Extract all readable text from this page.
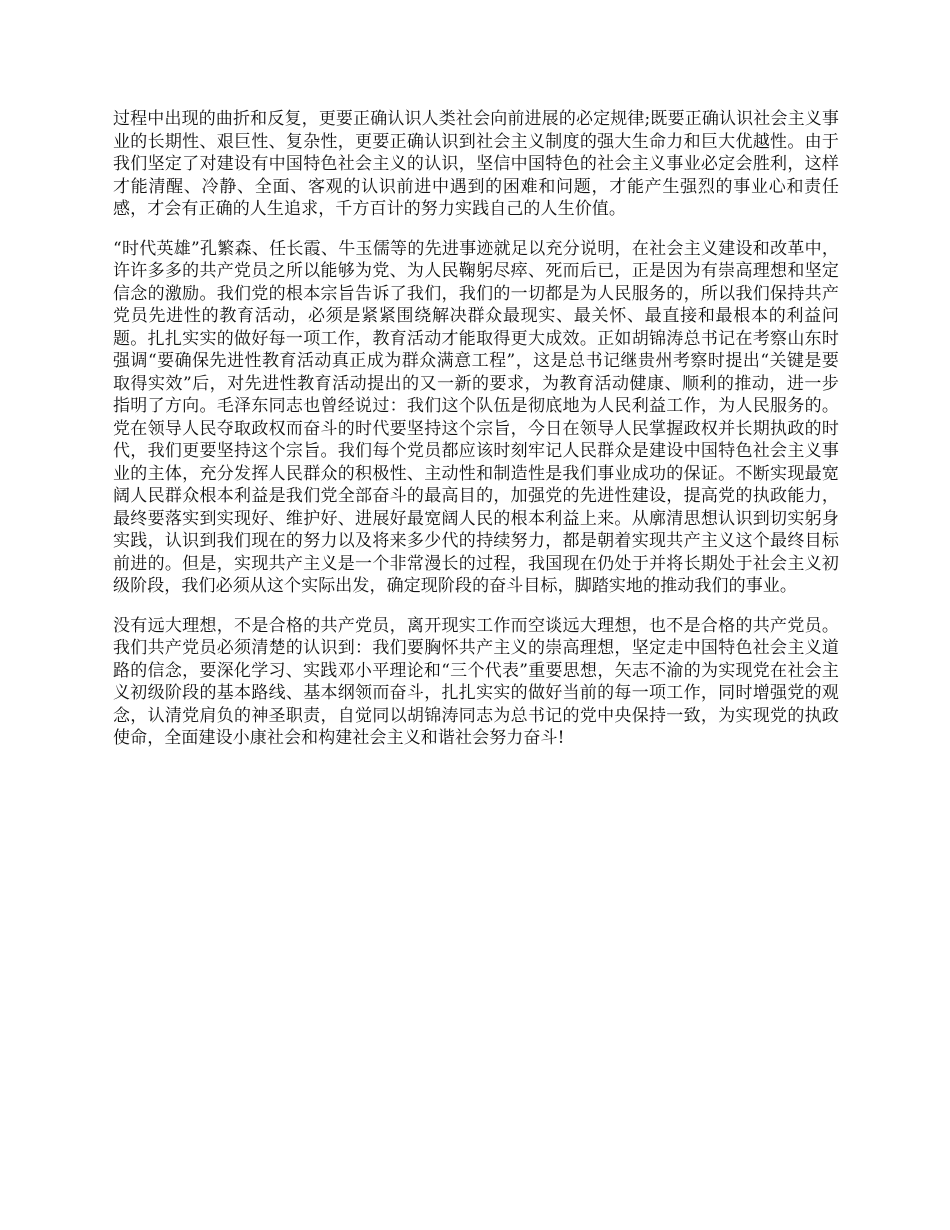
过程中出现的曲折和反复，更要正确认识人类社会向前进展的必定规律;既要正确认识社会主义事业的长期性、艰巨性、复杂性，更要正确认识到社会主义制度的强大生命力和巨大优越性。由于我们坚定了对建设有中国特色社会主义的认识，坚信中国特色的社会主义事业必定会胜利，这样才能清醒、冷静、全面、客观的认识前进中遇到的困难和问题，才能产生强烈的事业心和责任感，才会有正确的人生追求，千方百计的努力实践自己的人生价值。

“时代英雄”孔繁森、任长霞、牛玉儒等的先进事迹就足以充分说明，在社会主义建设和改革中，许许多多的共产党员之所以能够为党、为人民鞠躬尽瘁、死而后已，正是因为有崇高理想和坚定信念的激励。我们党的根本宗旨告诉了我们，我们的一切都是为人民服务的，所以我们保持共产党员先进性的教育活动，必须是紧紧围绕解决群众最现实、最关怀、最直接和最根本的利益问题。扎扎实实的做好每一项工作，教育活动才能取得更大成效。正如胡锦涛总书记在考察山东时强调“要确保先进性教育活动真正成为群众满意工程”，这是总书记继贵州考察时提出“关键是要取得实效”后，对先进性教育活动提出的又一新的要求，为教育活动健康、顺利的推动，进一步指明了方向。毛泽东同志也曾经说过：我们这个队伍是彻底地为人民利益工作，为人民服务的。党在领导人民夺取政权而奋斗的时代要坚持这个宗旨，今日在领导人民掌握政权并长期执政的时代，我们更要坚持这个宗旨。我们每个党员都应该时刻牢记人民群众是建设中国特色社会主义事业的主体，充分发挥人民群众的积极性、主动性和制造性是我们事业成功的保证。不断实现最宽阔人民群众根本利益是我们党全部奋斗的最高目的，加强党的先进性建设，提高党的执政能力，最终要落实到实现好、维护好、进展好最宽阔人民的根本利益上来。从廓清思想认识到切实躬身实践，认识到我们现在的努力以及将来多少代的持续努力，都是朝着实现共产主义这个最终目标前进的。但是，实现共产主义是一个非常漫长的过程，我国现在仍处于并将长期处于社会主义初级阶段，我们必须从这个实际出发，确定现阶段的奋斗目标，脚踏实地的推动我们的事业。

没有远大理想，不是合格的共产党员，离开现实工作而空谈远大理想，也不是合格的共产党员。我们共产党员必须清楚的认识到：我们要胸怀共产主义的崇高理想，坚定走中国特色社会主义道路的信念，要深化学习、实践邓小平理论和“三个代表”重要思想，矢志不渝的为实现党在社会主义初级阶段的基本路线、基本纲领而奋斗，扎扎实实的做好当前的每一项工作，同时增强党的观念，认清党肩负的神圣职责，自觉同以胡锦涛同志为总书记的党中央保持一致，为实现党的执政使命，全面建设小康社会和构建社会主义和谐社会努力奋斗!
